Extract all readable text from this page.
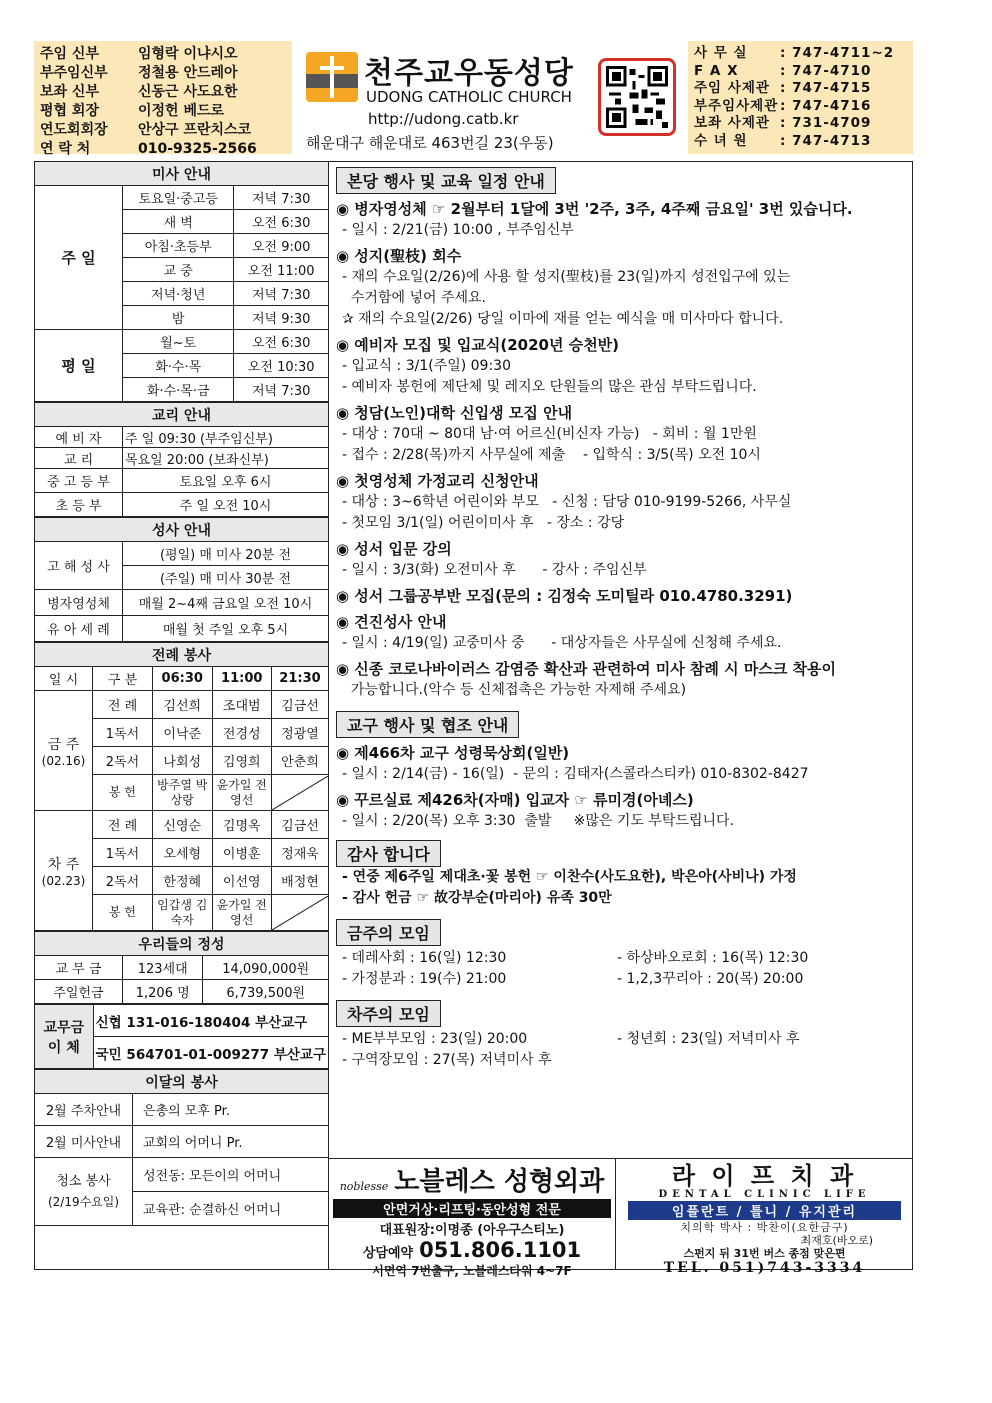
주임 신부	임형락 이냐시오
부주임신부	정철용 안드레아
보좌 신부	신동근 사도요한
평협 회장	이정헌 베드로
연도회회장	안상구 프란치스코
연 락 처	010-9325-2566
천주교우동성당
UDONG CATHOLIC CHURCH
http://udong.catb.kr
해운대구 해운대로 463번길 23(우동)
사 무 실	: 747-4711~2
F A X	: 747-4710
주임 사제관 : 747-4715
부주임사제관 : 747-4716
보좌 사제관 : 731-4709
수 녀 원	: 747-4713
미사 안내		
주 일	토요일·중고등	저녁 7:30
	새 벽	오전 6:30
	아침·초등부	오전 9:00
	교 중	오전 11:00
	저녁·청년	저녁 7:30
	밤	저녁 9:30
평 일	월~토	오전 6:30
	화·수·목	오전 10:30
	화·수·목·금	저녁 7:30
교리 안내	
예 비 자	주 일 09:30 (부주임신부)
교 리	목요일 20:00 (보좌신부)
중 고 등 부	토요일 오후 6시
초 등 부	주 일 오전 10시
성사 안내	
고 해 성 사	(평일) 매 미사 20분 전
	(주일) 매 미사 30분 전
병자영성체	매월 2~4째 금요일 오전 10시
유 아 세 례	매월 첫 주일 오후 5시
전례 봉사				
일 시	구 분	06:30	11:00	21:30

금 주
(02.16)	전 례	김선희	조대범	김금선
	1독서	이낙준	전경성	정광열
	2독서	나회성	김영희	안춘희
	봉 헌	방주열 박상랑	윤가일 전영선	

차 주
(02.23)	전 례	신영순	김명옥	김금선
	1독서	오세형	이병훈	정재욱
	2독서	한정혜	이선영	배정현
	봉 헌	임갑생 김숙자	윤가일 전영선	
우리들의 정성		
교 무 금	123세대	14,090,000원
주일헌금	1,206 명	6,739,500원
교무금 이 체	신협 131-016-180404 부산교구
국민 564701-01-009277 부산교구
이달의 봉사	
2월 주차안내	은총의 모후 Pr.
2월 미사안내	교회의 어머니 Pr.

청소 봉사
(2/19수요일)	성전동: 모든이의 어머니
	교육관: 순결하신 어머니
본당 행사 및 교육 일정 안내
◉ 병자영성체 ☞ 2월부터 1달에 3번 '2주, 3주, 4주째 금요일' 3번 있습니다.
- 일시 : 2/21(금) 10:00 , 부주임신부
◉ 성지(聖枝) 회수
- 재의 수요일(2/26)에 사용 할 성지(聖枝)를 23(일)까지 성전입구에 있는
수거함에 넣어 주세요.
✰ 재의 수요일(2/26) 당일 이마에 재를 얻는 예식을 매 미사마다 합니다.
◉ 예비자 모집 및 입교식(2020년 승천반)
- 입교식 : 3/1(주일) 09:30
- 예비자 봉헌에 제단체 및 레지오 단원들의 많은 관심 부탁드립니다.
◉ 청담(노인)대학 신입생 모집 안내
- 대상 : 70대 ~ 80대 남·여 어르신(비신자 가능)   - 회비 : 월 1만원
- 접수 : 2/28(목)까지 사무실에 제출    - 입학식 : 3/5(목) 오전 10시
◉ 첫영성체 가정교리 신청안내
- 대상 : 3~6학년 어린이와 부모   - 신청 : 담당 010-9199-5266, 사무실
- 첫모임 3/1(일) 어린이미사 후   - 장소 : 강당
◉ 성서 입문 강의
- 일시 : 3/3(화) 오전미사 후      - 강사 : 주임신부
◉ 성서 그룹공부반 모집(문의 : 김정숙 도미틸라 010.4780.3291)
◉ 견진성사 안내
- 일시 : 4/19(일) 교중미사 중      - 대상자들은 사무실에 신청해 주세요.
◉ 신종 코로나바이러스 감염증 확산과 관련하여 미사 참례 시 마스크 착용이
가능합니다.(악수 등 신체접촉은 가능한 자제해 주세요)
교구 행사 및 협조 안내
◉ 제466차 교구 성령묵상회(일반)
- 일시 : 2/14(금) - 16(일)  - 문의 : 김태자(스콜라스티카) 010-8302-8427
◉ 꾸르실료 제426차(자매) 입교자 ☞ 류미경(아녜스)
- 일시 : 2/20(목) 오후 3:30  출발     ※많은 기도 부탁드립니다.
감사 합니다
- 연중 제6주일 제대초·꽃 봉헌 ☞ 이찬수(사도요한), 박은아(사비나) 가정
- 감사 헌금 ☞ 故강부순(마리아) 유족 30만
금주의 모임
- 데레사회 : 16(일) 12:30	- 하상바오로회 : 16(목) 12:30
- 가정분과 : 19(수) 21:00	- 1,2,3꾸리아 : 20(목) 20:00
차주의 모임
- ME부부모임 : 23(일) 20:00	- 청년회 : 23(일) 저녁미사 후
- 구역장모임 : 27(목) 저녁미사 후
noblesse 노블레스 성형외과
안면거상·리프팅·동안성형 전문
대표원장:이명종 (아우구스티노)
상담예약 051.806.1101
서면역 7번출구, 노블레스타워 4~7F
라 이 프 치 과
DENTAL CLINIC LIFE
임플란트 / 틀니 / 유지관리
치의학 박사 : 박찬이(요한금구)
최재호(바오로)
스펀지 뒤 31번 버스 종점 맞은편
TEL. 051)743-3334
